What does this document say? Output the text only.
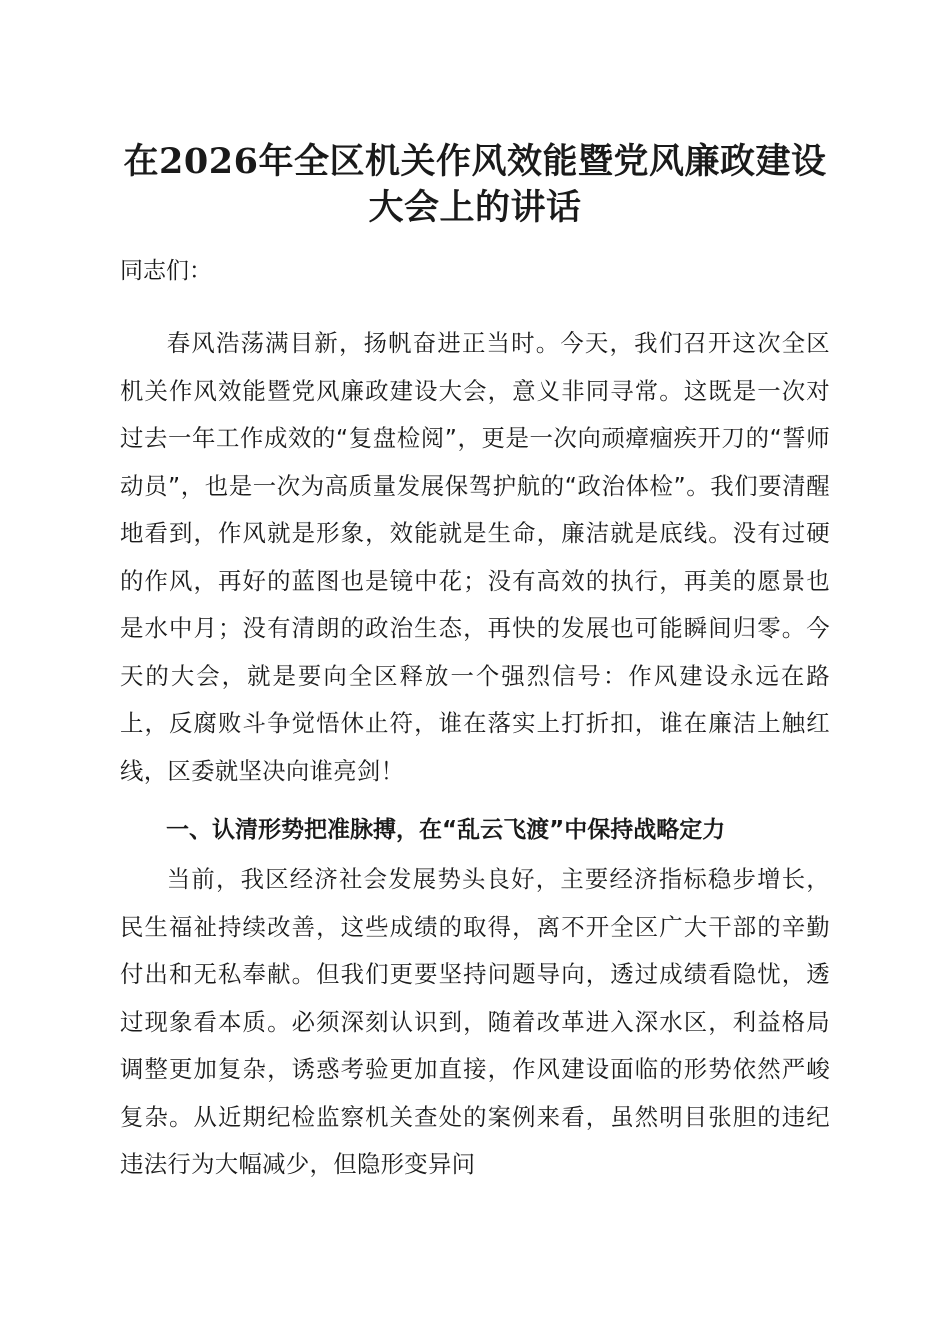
在2026年全区机关作风效能暨党风廉政建设
大会上的讲话

同志们：

春风浩荡满目新，扬帆奋进正当时。今天，我们召开这次全区机关作风效能暨党风廉政建设大会，意义非同寻常。这既是一次对过去一年工作成效的“复盘检阅”，更是一次向顽瘴痼疾开刀的“誓师动员”，也是一次为高质量发展保驾护航的“政治体检”。我们要清醒地看到，作风就是形象，效能就是生命，廉洁就是底线。没有过硬的作风，再好的蓝图也是镜中花；没有高效的执行，再美的愿景也是水中月；没有清朗的政治生态，再快的发展也可能瞬间归零。今天的大会，就是要向全区释放一个强烈信号：作风建设永远在路上，反腐败斗争觉悟休止符，谁在落实上打折扣，谁在廉洁上触红线，区委就坚决向谁亮剑！

一、认清形势把准脉搏，在“乱云飞渡”中保持战略定力

当前，我区经济社会发展势头良好，主要经济指标稳步增长，民生福祉持续改善，这些成绩的取得，离不开全区广大干部的辛勤付出和无私奉献。但我们更要坚持问题导向，透过成绩看隐忧，透过现象看本质。必须深刻认识到，随着改革进入深水区，利益格局调整更加复杂，诱惑考验更加直接，作风建设面临的形势依然严峻复杂。从近期纪检监察机关查处的案例来看，虽然明目张胆的违纪违法行为大幅减少，但隐形变异问
